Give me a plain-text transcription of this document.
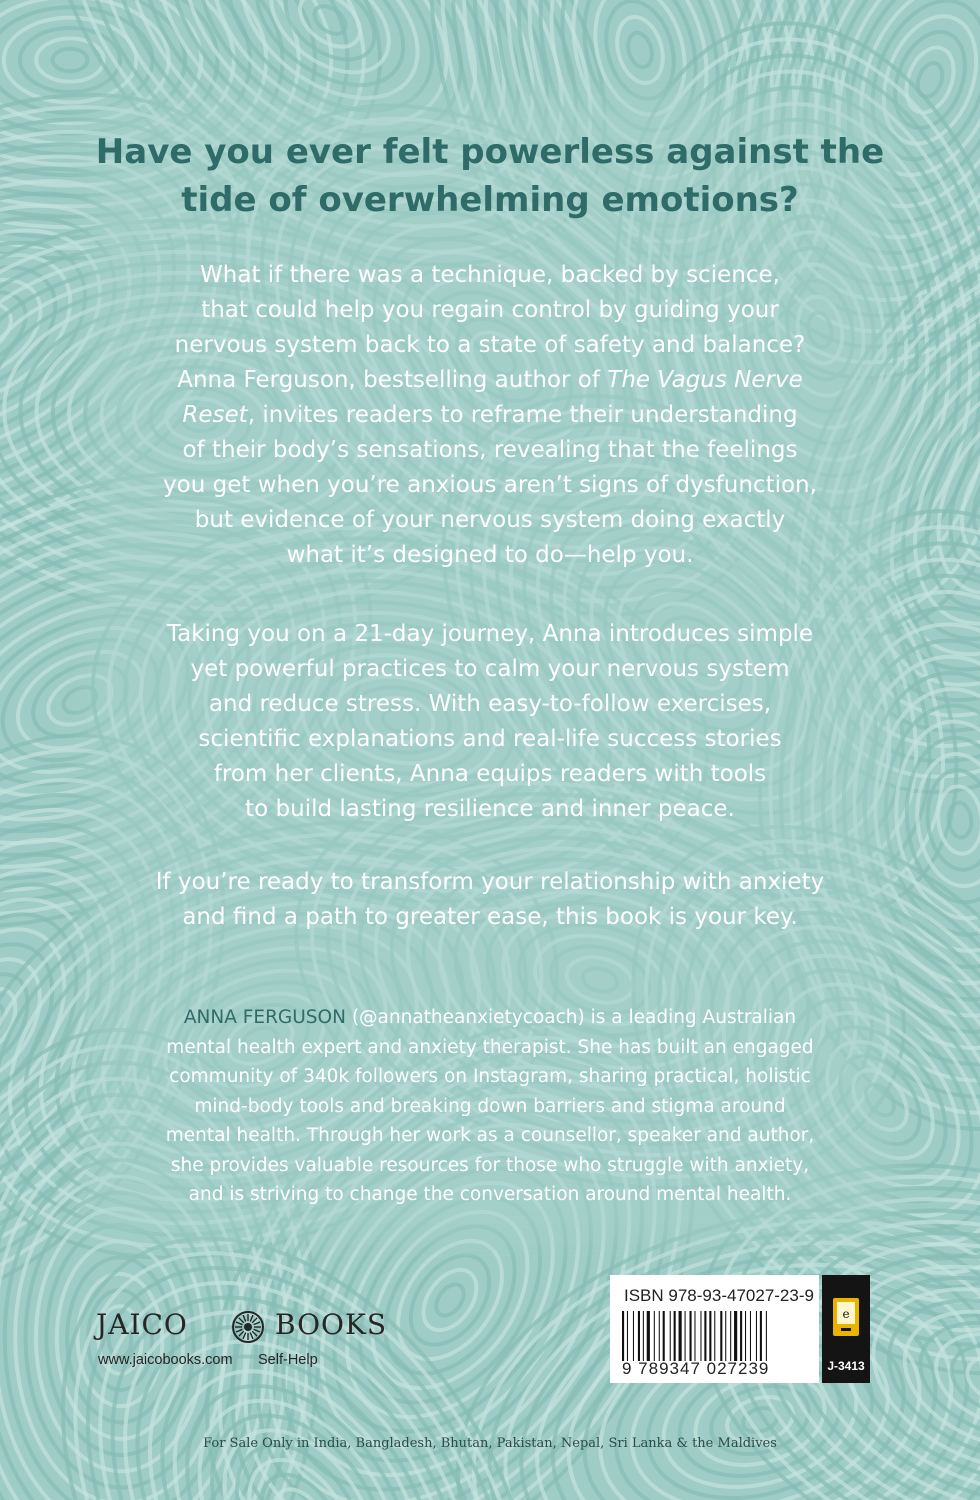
Have you ever felt powerless against the
tide of overwhelming emotions?

What if there was a technique, backed by science,
that could help you regain control by guiding your
nervous system back to a state of safety and balance?
Anna Ferguson, bestselling author of The Vagus Nerve
Reset, invites readers to reframe their understanding
of their body’s sensations, revealing that the feelings
you get when you’re anxious aren’t signs of dysfunction,
but evidence of your nervous system doing exactly
what it’s designed to do—help you.

Taking you on a 21-day journey, Anna introduces simple
yet powerful practices to calm your nervous system
and reduce stress. With easy-to-follow exercises,
scientific explanations and real-life success stories
from her clients, Anna equips readers with tools
to build lasting resilience and inner peace.

If you’re ready to transform your relationship with anxiety
and find a path to greater ease, this book is your key.

ANNA FERGUSON (@annatheanxietycoach) is a leading Australian
mental health expert and anxiety therapist. She has built an engaged
community of 340k followers on Instagram, sharing practical, holistic
mind-body tools and breaking down barriers and stigma around
mental health. Through her work as a counsellor, speaker and author,
she provides valuable resources for those who struggle with anxiety,
and is striving to change the conversation around mental health.

JAICO	BOOKS
www.jaicobooks.com Self-Help
ISBN 978-93-47027-23-9
9 789347 027239
e
J-3413

For Sale Only in India, Bangladesh, Bhutan, Pakistan, Nepal, Sri Lanka & the Maldives
